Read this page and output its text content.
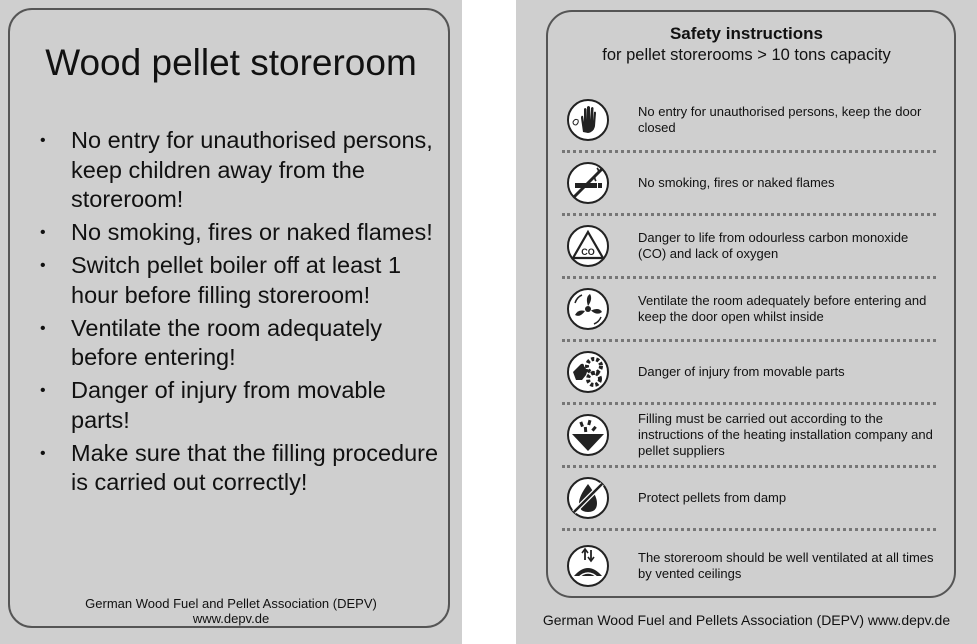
Wood pellet storeroom
• No entry for unauthorised persons, keep children away from the storeroom!
• No smoking, fires or naked flames!
• Switch pellet boiler off at least 1 hour before filling storeroom!
• Ventilate the room adequately before entering!
• Danger of injury from movable parts!
• Make sure that the filling procedure is carried out correctly!
German Wood Fuel and Pellet Association (DEPV)
www.depv.de
Safety instructions
for pellet storerooms > 10 tons capacity
No entry for unauthorised persons, keep the door closed
No smoking, fires or naked flames
CO
Danger to life from odourless carbon monoxide (CO) and lack of oxygen
Ventilate the room adequately before entering and keep the door open whilst inside
Danger of injury from movable parts
Filling must be carried out according to the instructions of the heating installation company and pellet suppliers
Protect pellets from damp
The storeroom should be well ventilated at all times by vented ceilings
German Wood Fuel and Pellets Association (DEPV) www.depv.de
